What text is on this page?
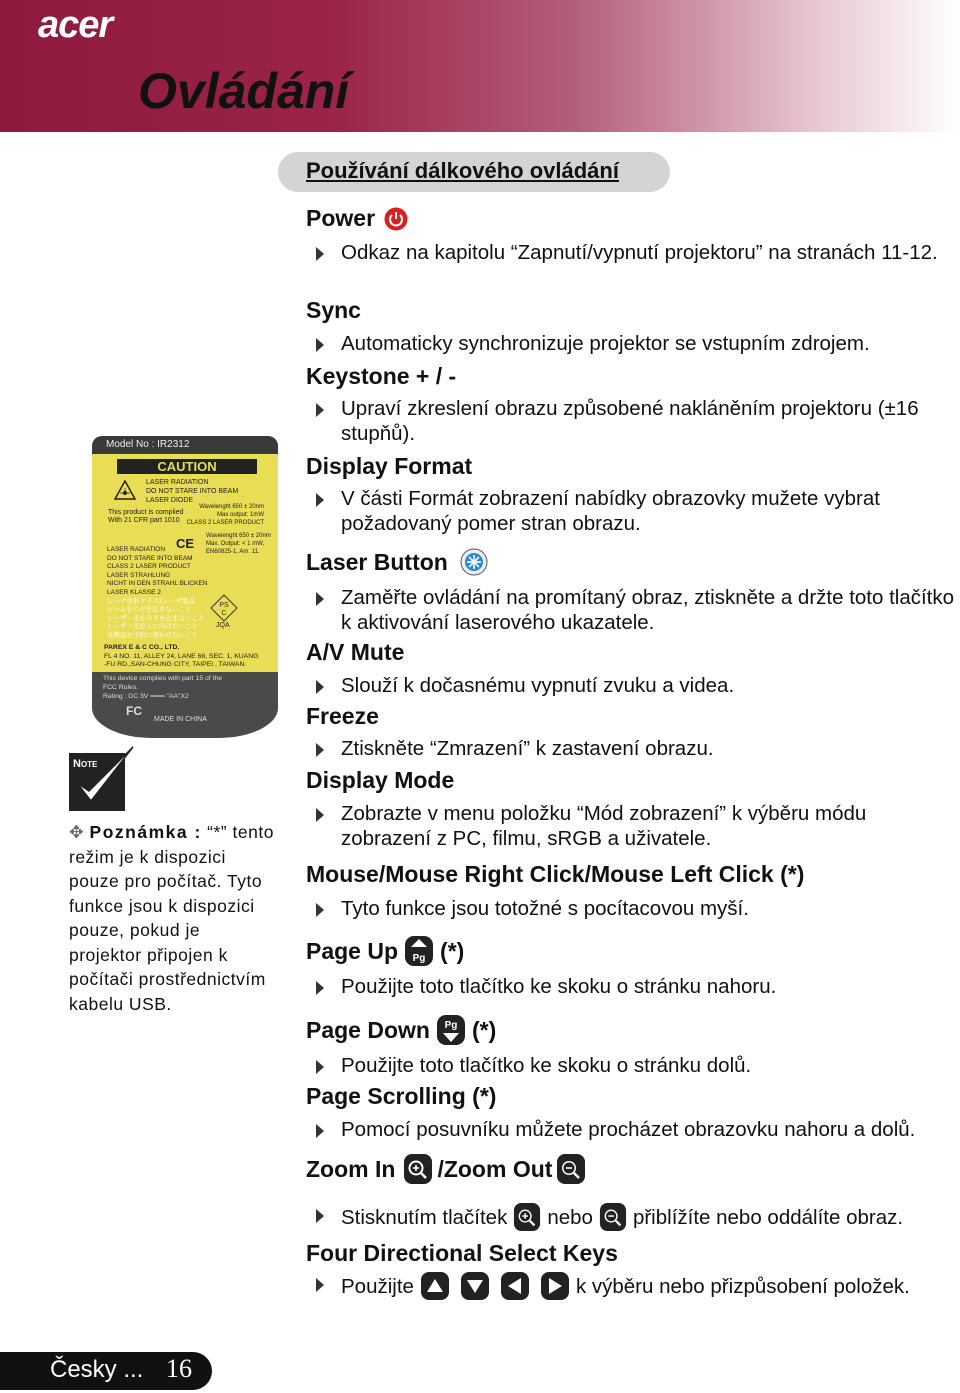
acer
Ovládání
Používání dálkového ovládání
Power
Odkaz na kapitolu “Zapnutí/vypnutí projektoru” na stranách 11-12.
Sync
Automaticky synchronizuje projektor se vstupním zdrojem.
Keystone + / -
Upraví zkreslení obrazu způsobené nakláněním projektoru (±16 stupňů).
Display Format
V části Formát zobrazení nabídky obrazovky mužete vybrat požadovaný pomer stran obrazu.
Laser Button
Zaměřte ovládání na promítaný obraz, ztiskněte a držte toto tlačítko k aktivování laserového ukazatele.
A/V Mute
Slouží k dočasnému vypnutí zvuku a videa.
Freeze
Ztiskněte “Zmrazení” k zastavení obrazu.
Display Mode
Zobrazte v menu položku “Mód zobrazení” k výběru módu zobrazení z PC, filmu, sRGB a uživatele.
Mouse/Mouse Right Click/Mouse Left Click (*)
Tyto funkce jsou totožné s pocítacovou myší.
Page Up Pg (*)
Použijte toto tlačítko ke skoku o stránku nahoru.
Page Down Pg (*)
Použijte toto tlačítko ke skoku o stránku dolů.
Page Scrolling (*)
Pomocí posuvníku můžete procházet obrazovku nahoru a dolů.
Zoom In /Zoom Out
Stisknutím tlačítek nebo přiblížíte nebo oddálíte obraz.
Four Directional Select Keys
Použijte	k výběru nebo přizpůsobení položek.
Model No : IR2312
CAUTION
LASER RADIATION
DO NOT STARE INTO BEAM
LASER DIODE
Wavelenght 650 ± 20nm
Max output: 1mW
CLASS 2 LASER PRODUCT
This product is complied
With 21 CFR part 1010
CE Wavelenght 650 ± 20nm
Max. Output: < 1 mW,
EN60825-1, Am. 11.
LASER RADIATION
DO NOT STARE INTO BEAM
CLASS 2 LASER PRODUCT
LASER STRAHLUNG
NICHT IN DEN STRAHL BLICKEN
LASER KLASSE 2
レーザ放射クラス2レーザ製品
ビームをのぞき込まないこと
レーザー光をのぞき込まないこと
レーザー光を人に向けないこと
本製品を子供に使わせないこと
PS
C
JQA
PAREX E & C CO., LTD.
FL 4 NO. 11, ALLEY 24, LANE 68, SEC. 1, KUANG
-FU RD.,SAN-CHUNG CITY, TAIPEI , TAIWAN.
This device complies with part 15 of the
FCC Rules.
Rating : DC 3V ═══ "AA"X2
FC
MADE IN CHINA
Note
✥ Poznámka : “*” tento režim je k dispozici pouze pro počítač. Tyto funkce jsou k dispozici pouze, pokud je projektor připojen k počítači prostřednictvím kabelu USB.
Česky ... 16
